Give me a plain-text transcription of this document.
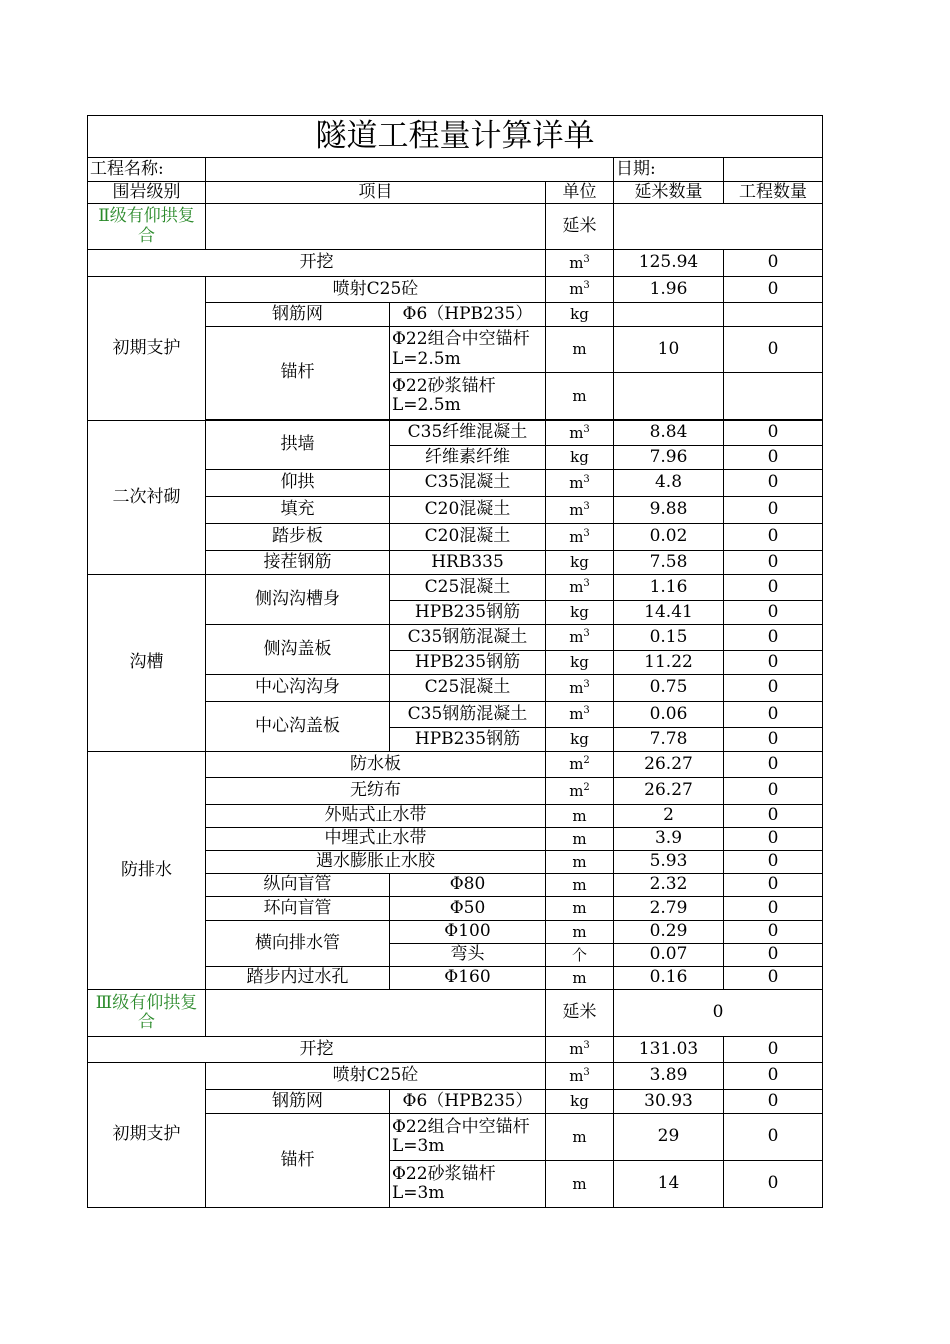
隧道工程量计算详单					
工程名称:				日期:	
围岩级别	项目		单位	延米数量	工程数量
Ⅱ级有仰拱复合			延米		
开挖			$m^3$	125.94	0
初期支护	喷射C25砼		$m^3$	1.96	0
	钢筋网	Φ6（HPB235）	kg		
	锚杆	Φ22组合中空锚杆L=2.5m	m	10	0
		Φ22砂浆锚杆L=2.5m	m		

二次衬砌	拱墙	C35纤维混凝土	$m^3$	8.84	0
		纤维素纤维	kg	7.96	0
	仰拱	C35混凝土	$m^3$	4.8	0
	填充	C20混凝土	$m^3$	9.88	0
	踏步板	C20混凝土	$m^3$	0.02	0
	接茬钢筋	HRB335	kg	7.58	0
沟槽	侧沟沟槽身	C25混凝土	$m^3$	1.16	0
		HPB235钢筋	kg	14.41	0
	侧沟盖板	C35钢筋混凝土	$m^3$	0.15	0
		HPB235钢筋	kg	11.22	0
	中心沟沟身	C25混凝土	$m^3$	0.75	0
	中心沟盖板	C35钢筋混凝土	$m^3$	0.06	0
		HPB235钢筋	kg	7.78	0
防排水	防水板		$m^2$	26.27	0
	无纺布		$m^2$	26.27	0
	外贴式止水带		m	2	0
	中埋式止水带		m	3.9	0
	遇水膨胀止水胶		m	5.93	0
	纵向盲管	Φ80	m	2.32	0
	环向盲管	Φ50	m	2.79	0
	横向排水管	Φ100	m	0.29	0
		弯头	个	0.07	0
	踏步内过水孔	Φ160	m	0.16	0
Ⅲ级有仰拱复合			延米	0	
开挖			$m^3$	131.03	0
初期支护	喷射C25砼		$m^3$	3.89	0
	钢筋网	Φ6（HPB235）	kg	30.93	0
	锚杆	Φ22组合中空锚杆L=3m	m	29	0
		Φ22砂浆锚杆L=3m	m	14	0
